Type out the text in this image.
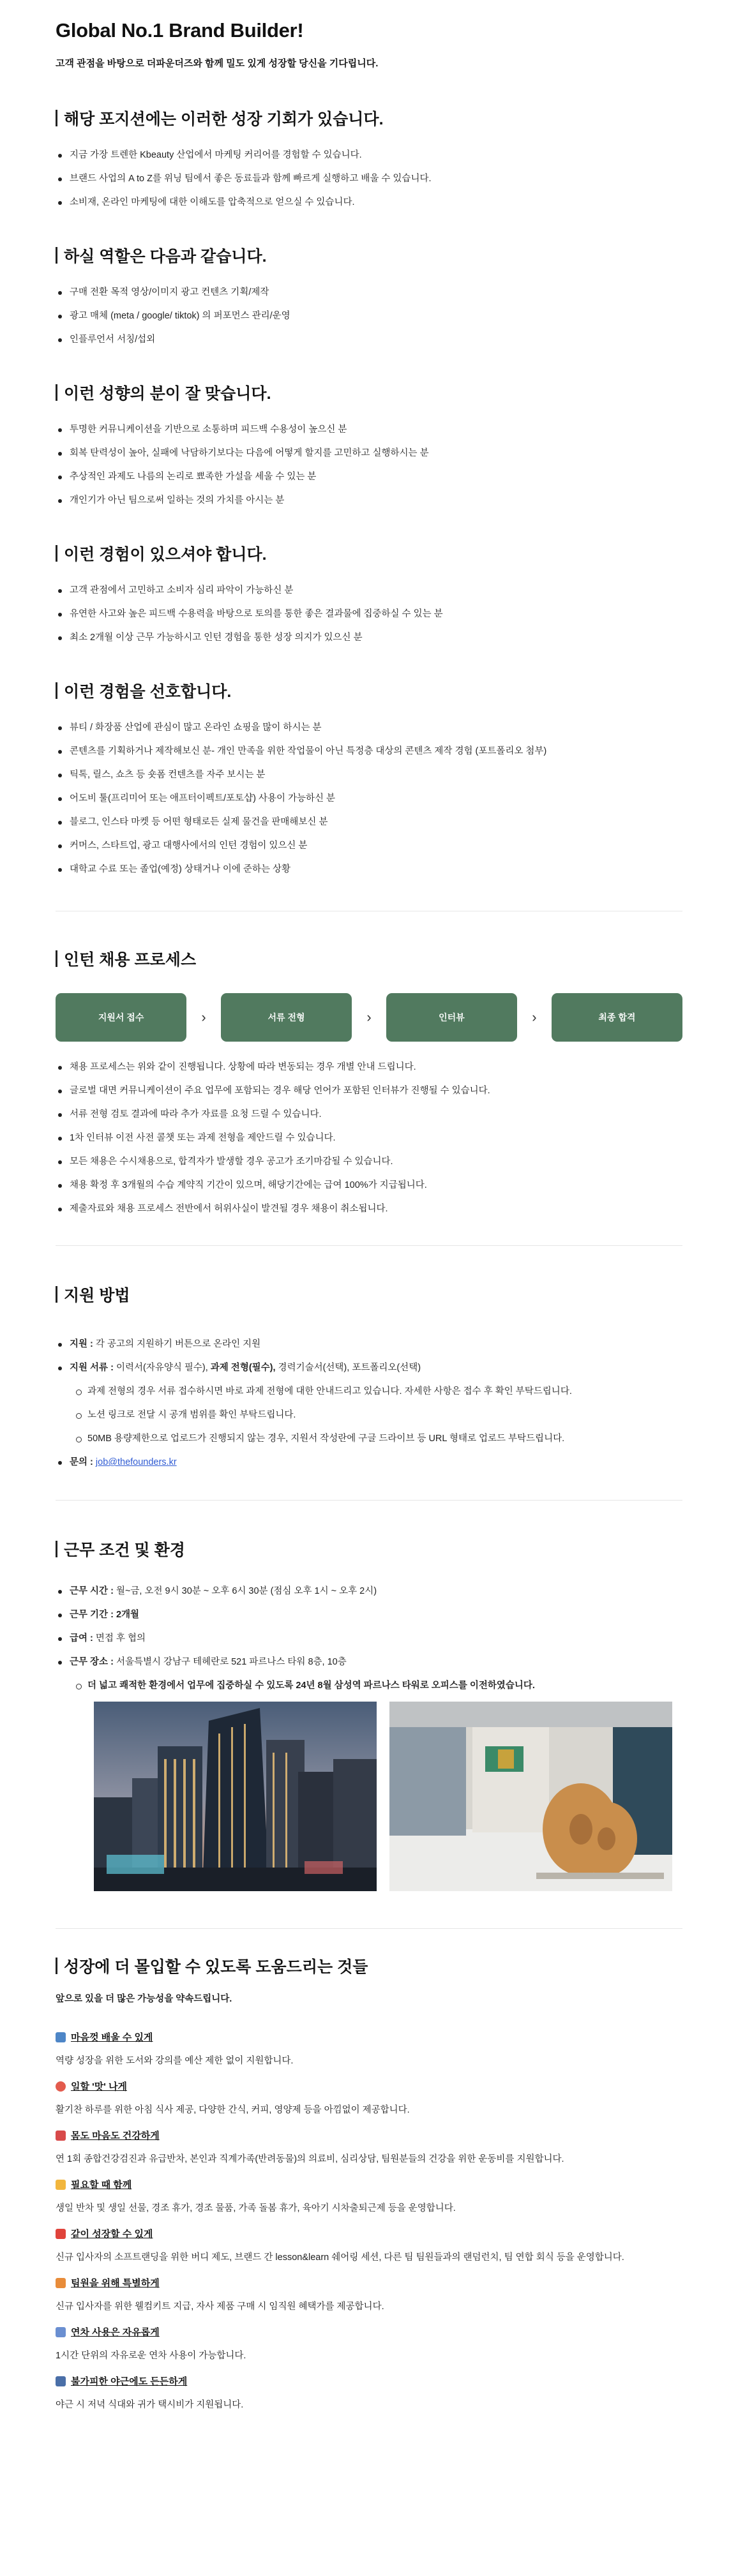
Global No.1 Brand Builder!

고객 관점을 바탕으로 더파운더즈와 함께 밀도 있게 성장할 당신을 기다립니다.

해당 포지션에는 이러한 성장 기회가 있습니다.
지금 가장 트렌한 Kbeauty 산업에서 마케팅 커리어를 경험할 수 있습니다.
브랜드 사업의 A to Z를 위닝 팀에서 좋은 동료들과 함께 빠르게 실행하고 배울 수 있습니다.
소비재, 온라인 마케팅에 대한 이해도를 압축적으로 얻으실 수 있습니다.
하실 역할은 다음과 같습니다.
구매 전환 목적 영상/이미지 광고 컨텐츠 기획/제작
광고 매체 (meta / google/ tiktok) 의 퍼포먼스 관리/운영
인플루언서 서칭/섭외
이런 성향의 분이 잘 맞습니다.
투명한 커뮤니케이션을 기반으로 소통하며 피드백 수용성이 높으신 분
회복 탄력성이 높아, 실패에 낙담하기보다는 다음에 어떻게 할지를 고민하고 실행하시는 분
추상적인 과제도 나름의 논리로 뾰족한 가설을 세울 수 있는 분
개인기가 아닌 팀으로써 일하는 것의 가치를 아시는 분
이런 경험이 있으셔야 합니다.
고객 관점에서 고민하고 소비자 심리 파악이 가능하신 분
유연한 사고와 높은 피드백 수용력을 바탕으로 토의를 통한 좋은 결과물에 집중하실 수 있는 분
최소 2개월 이상 근무 가능하시고 인턴 경험을 통한 성장 의지가 있으신 분
이런 경험을 선호합니다.
뷰티 / 화장품 산업에 관심이 많고 온라인 쇼핑을 많이 하시는 분
콘텐츠를 기획하거나 제작해보신 분- 개인 만족을 위한 작업물이 아닌 특정층 대상의 콘텐츠 제작 경험 (포트폴리오 첨부)
틱톡, 릴스, 쇼츠 등 숏폼 컨텐츠를 자주 보시는 분
어도비 툴(프리미어 또는 애프터이펙트/포토샵) 사용이 가능하신 분
블로그, 인스타 마켓 등 어떤 형태로든 실제 물건을 판매해보신 분
커머스, 스타트업, 광고 대행사에서의 인턴 경험이 있으신 분
대학교 수료 또는 졸업(예정) 상태거나 이에 준하는 상황
인턴 채용 프로세스
지원서 접수	›	서류 전형	›	인터뷰	›	최종 합격
채용 프로세스는 위와 같이 진행됩니다. 상황에 따라 변동되는 경우 개별 안내 드립니다.
글로벌 대면 커뮤니케이션이 주요 업무에 포함되는 경우 해당 언어가 포함된 인터뷰가 진행될 수 있습니다.
서류 전형 검토 결과에 따라 추가 자료를 요청 드릴 수 있습니다.
1차 인터뷰 이전 사전 콜챗 또는 과제 전형을 제안드릴 수 있습니다.
모든 채용은 수시채용으로, 합격자가 발생할 경우 공고가 조기마감될 수 있습니다.
채용 확정 후 3개월의 수습 계약직 기간이 있으며, 해당기간에는 급여 100%가 지급됩니다.
제출자료와 채용 프로세스 전반에서 허위사실이 발견될 경우 채용이 취소됩니다.
지원 방법
지원 : 각 공고의 지원하기 버튼으로 온라인 지원
지원 서류 : 이력서(자유양식 필수), 과제 전형(필수), 경력기술서(선택), 포트폴리오(선택)
과제 전형의 경우 서류 접수하시면 바로 과제 전형에 대한 안내드리고 있습니다. 자세한 사항은 접수 후 확인 부탁드립니다.
노션 링크로 전달 시 공개 범위를 확인 부탁드립니다.
50MB 용량제한으로 업로드가 진행되지 않는 경우, 지원서 작성란에 구글 드라이브 등 URL 형태로 업로드 부탁드립니다.
문의 : job@thefounders.kr
근무 조건 및 환경
근무 시간 : 월~금, 오전 9시 30분 ~ 오후 6시 30분 (점심 오후 1시 ~ 오후 2시)
근무 기간 : 2개월
급여 : 면접 후 협의
근무 장소 : 서울특별시 강남구 테헤란로 521 파르나스 타워 8층, 10층
더 넓고 쾌적한 환경에서 업무에 집중하실 수 있도록 24년 8월 삼성역 파르나스 타워로 오피스를 이전하였습니다.
성장에 더 몰입할 수 있도록 도움드리는 것들

앞으로 있을 더 많은 가능성을 약속드립니다.

마음껏 배울 수 있게

역량 성장을 위한 도서와 강의를 예산 제한 없이 지원합니다.

일할 '맛' 나게

활기찬 하루를 위한 아침 식사 제공, 다양한 간식, 커피, 영양제 등을 아낌없이 제공합니다.

몸도 마음도 건강하게

연 1회 종합건강검진과 유급반차, 본인과 직계가족(반려동물)의 의료비, 심리상담, 팀원분들의 건강을 위한 운동비를 지원합니다.

필요할 때 함께

생일 반차 및 생일 선물, 경조 휴가, 경조 물품, 가족 돌봄 휴가, 육아기 시차출퇴근제 등을 운영합니다.

같이 성장할 수 있게

신규 입사자의 소프트랜딩을 위한 버디 제도, 브랜드 간 lesson&learn 쉐어링 세션, 다른 팀 팀원들과의 랜덤런치, 팀 연합 회식 등을 운영합니다.

팀원을 위해 특별하게

신규 입사자를 위한 웰컴키트 지급, 자사 제품 구매 시 임직원 혜택가를 제공합니다.

연차 사용은 자유롭게

1시간 단위의 자유로운 연차 사용이 가능합니다.

불가피한 야근에도 든든하게

야근 시 저녁 식대와 귀가 택시비가 지원됩니다.
